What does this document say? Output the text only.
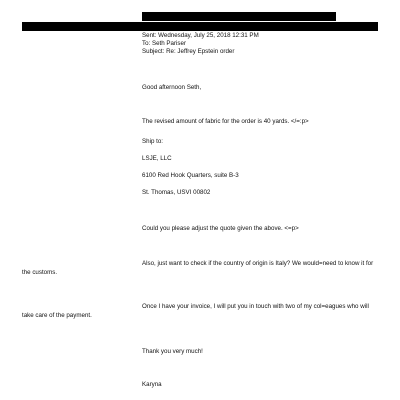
Sent: Wednesday, July 25, 2018 12:31 PM
To: Seth Pariser
Subject: Re: Jeffrey Epstein order
Good afternoon Seth,
The revised amount of fabric for the order is 40 yards. </=:p>
Ship to:
LSJE, LLC
6100 Red Hook Quarters, suite B-3
St. Thomas, USVI 00802
Could you please adjust the quote given the above. <=p>
Also, just want to check if the country of origin is Italy? We would=need to know it for the customs.
Once I have your invoice, I will put you in touch with two of my col=eagues who will take care of the payment.
Thank you very much!
Karyna
